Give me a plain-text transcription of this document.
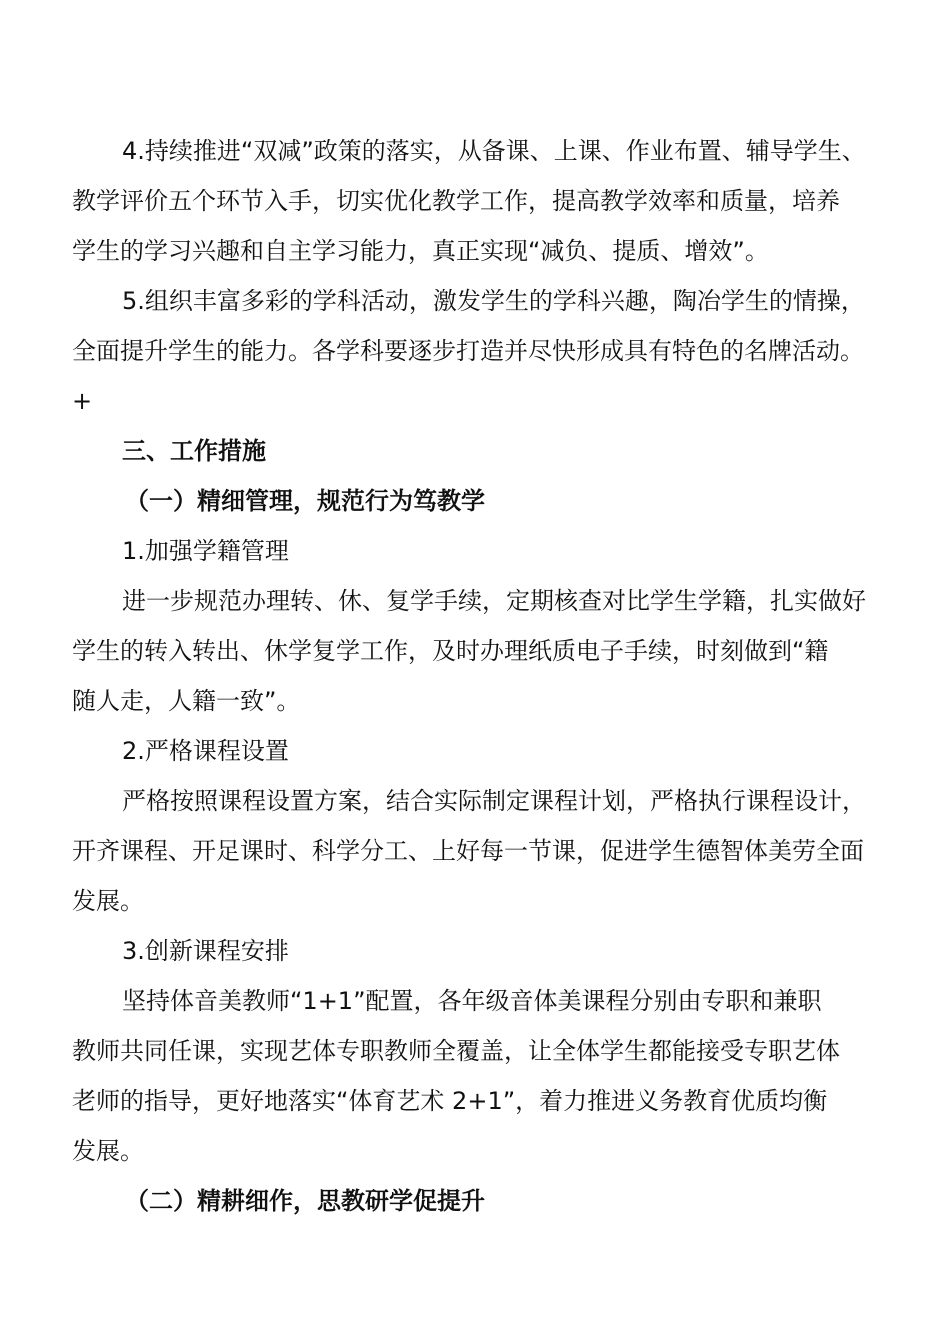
4.持续推进“双减”政策的落实，从备课、上课、作业布置、辅导学生、
教学评价五个环节入手，切实优化教学工作，提高教学效率和质量，培养
学生的学习兴趣和自主学习能力，真正实现“减负、提质、增效”。
5.组织丰富多彩的学科活动，激发学生的学科兴趣，陶冶学生的情操，
全面提升学生的能力。各学科要逐步打造并尽快形成具有特色的名牌活动。
+
三、工作措施
（一）精细管理，规范行为笃教学
1.加强学籍管理
进一步规范办理转、休、复学手续，定期核查对比学生学籍，扎实做好
学生的转入转出、休学复学工作，及时办理纸质电子手续，时刻做到“籍
随人走，人籍一致”。
2.严格课程设置
严格按照课程设置方案，结合实际制定课程计划，严格执行课程设计，
开齐课程、开足课时、科学分工、上好每一节课，促进学生德智体美劳全面
发展。
3.创新课程安排
坚持体音美教师“1+1”配置，各年级音体美课程分别由专职和兼职
教师共同任课，实现艺体专职教师全覆盖，让全体学生都能接受专职艺体
老师的指导，更好地落实“体育艺术 2+1”，着力推进义务教育优质均衡
发展。
（二）精耕细作，思教研学促提升
